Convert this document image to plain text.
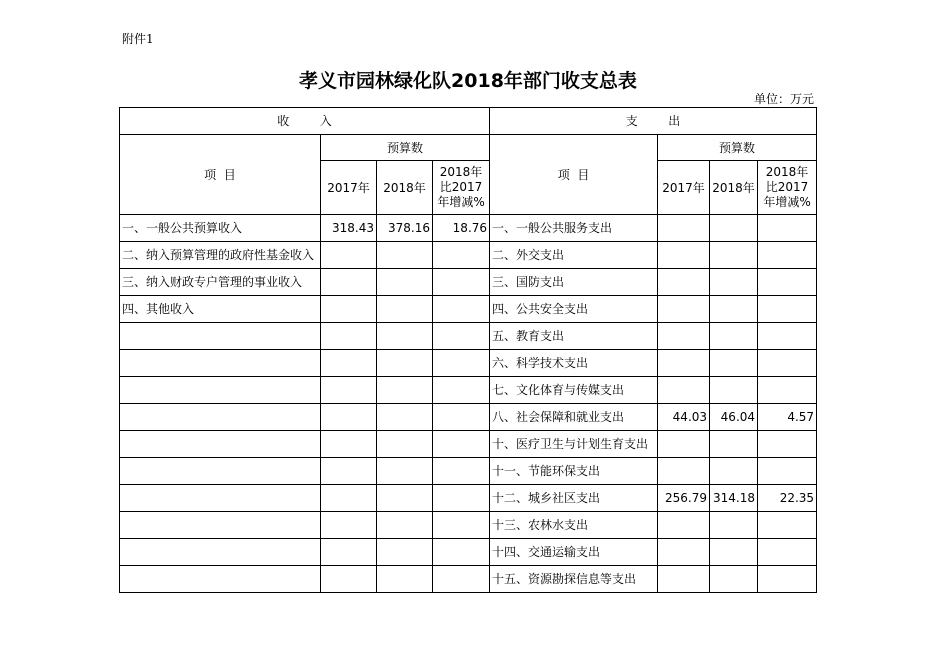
附件1
孝义市园林绿化队2018年部门收支总表
单位：万元
收        入				支        出			
项  目	预算数			项  目	预算数		
	2017年	2018年	2018年比2017年增减%		2017年	2018年	2018年比2017年增减%
一、一般公共预算收入	318.43	378.16	18.76	一、一般公共服务支出			
二、纳入预算管理的政府性基金收入				二、外交支出			
三、纳入财政专户管理的事业收入				三、国防支出			
四、其他收入				四、公共安全支出			
				五、教育支出			
				六、科学技术支出			
				七、文化体育与传媒支出			
				八、社会保障和就业支出	44.03	46.04	4.57
				十、医疗卫生与计划生育支出			
				十一、节能环保支出			
				十二、城乡社区支出	256.79	314.18	22.35
				十三、农林水支出			
				十四、交通运输支出			
				十五、资源勘探信息等支出			
